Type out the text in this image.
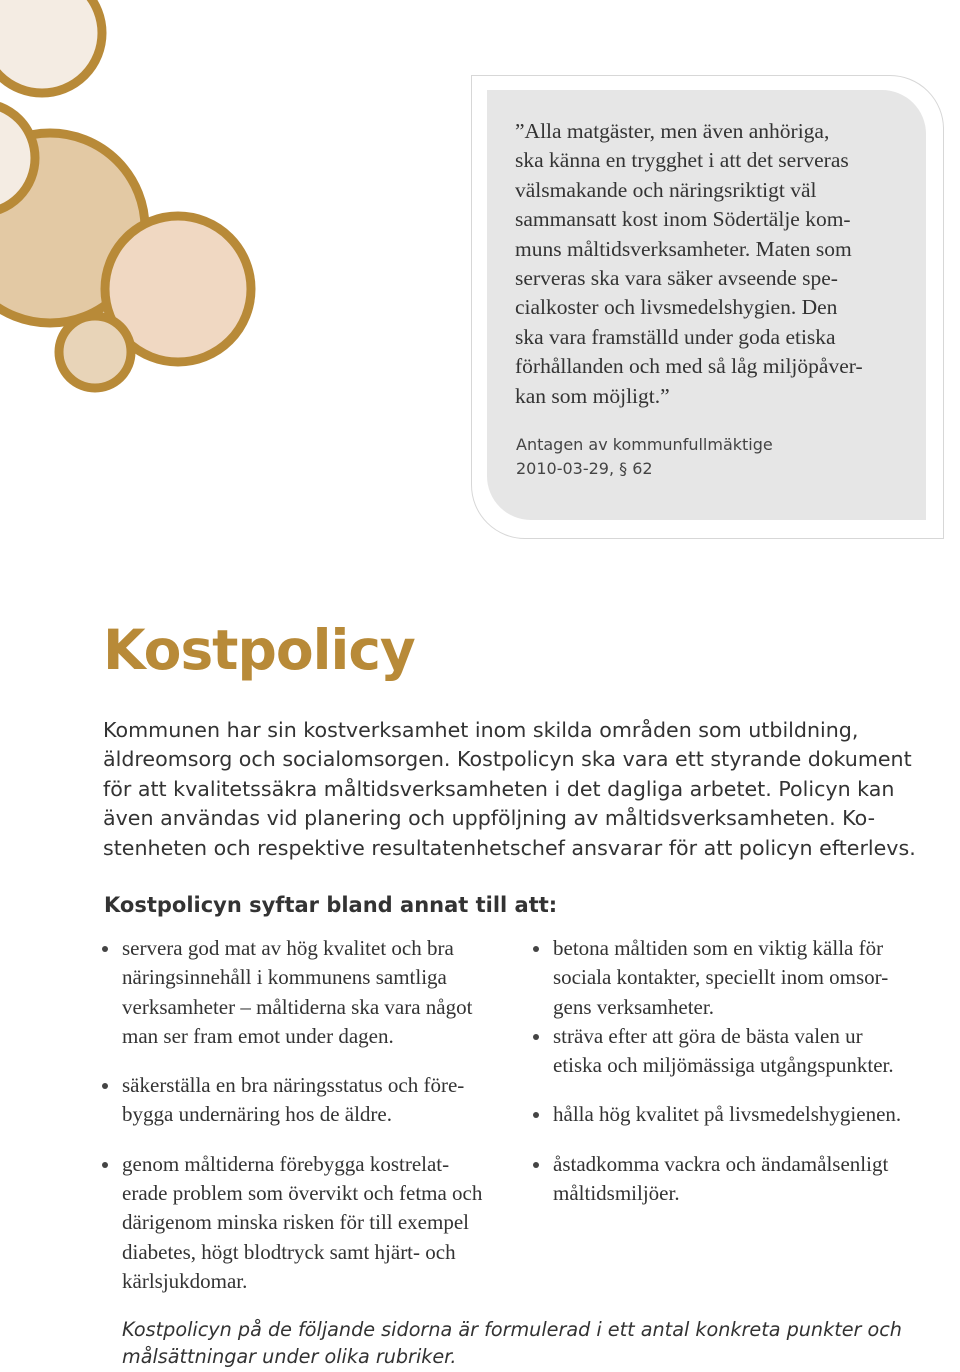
”Alla matgäster, men även anhöriga,
ska känna en trygghet i att det serveras
välsmakande och näringsriktigt väl
sammansatt kost inom Södertälje kom-
muns måltidsverksamheter. Maten som
serveras ska vara säker avseende spe-
cialkoster och livsmedelshygien. Den
ska vara framställd under goda etiska
förhållanden och med så låg miljöpåver-
kan som möjligt.”

Antagen av kommunfullmäktige
2010-03-29, § 62
Kostpolicy

Kommunen har sin kostverksamhet inom skilda områden som utbildning,
äldreomsorg och socialomsorgen. Kostpolicyn ska vara ett styrande dokument
för att kvalitetssäkra måltidsverksamheten i det dagliga arbetet. Policyn kan
även användas vid planering och uppföljning av måltidsverksamheten. Ko-
stenheten och respektive resultatenhetschef ansvarar för att policyn efterlevs.

Kostpolicyn syftar bland annat till att:
servera god mat av hög kvalitet och bra
näringsinnehåll i kommunens samtliga
verksamheter – måltiderna ska vara något
man ser fram emot under dagen.
säkerställa en bra näringsstatus och före-
bygga undernäring hos de äldre.
genom måltiderna förebygga kostrelat-
erade problem som övervikt och fetma och
därigenom minska risken för till exempel
diabetes, högt blodtryck samt hjärt- och
kärlsjukdomar.
betona måltiden som en viktig källa för
sociala kontakter, speciellt inom omsor-
gens verksamheter.
sträva efter att göra de bästa valen ur
etiska och miljömässiga utgångspunkter.
hålla hög kvalitet på livsmedelshygienen.
åstadkomma vackra och ändamålsenligt
måltidsmiljöer.

Kostpolicyn på de följande sidorna är formulerad i ett antal konkreta punkter och
målsättningar under olika rubriker.
